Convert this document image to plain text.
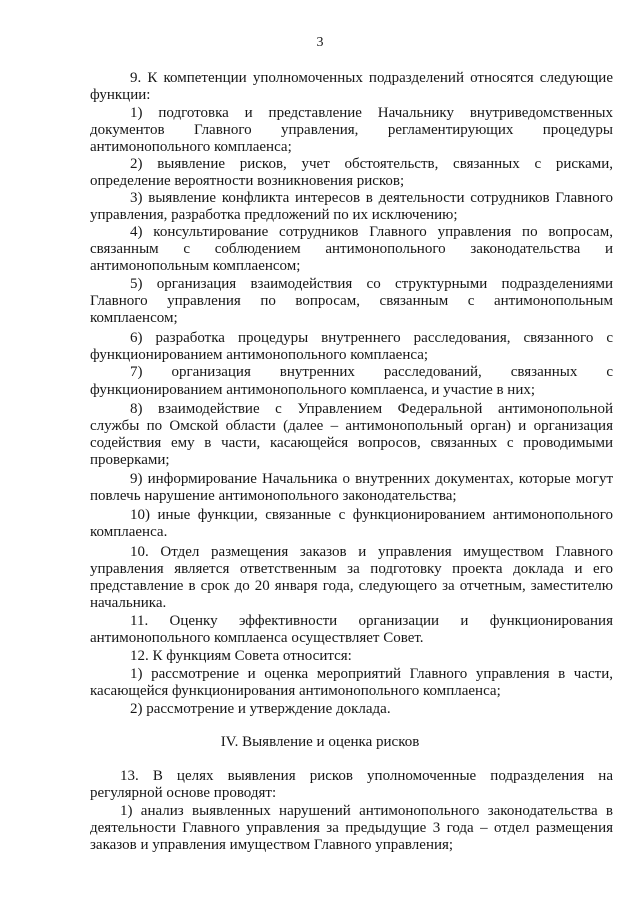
3
9. К компетенции уполномоченных подразделений относятся следующие
функции:
1) подготовка и представление Начальнику внутриведомственных
документов Главного управления, регламентирующих процедуры
антимонопольного комплаенса;
2) выявление рисков, учет обстоятельств, связанных с рисками,
определение вероятности возникновения рисков;
3) выявление конфликта интересов в деятельности сотрудников Главного
управления, разработка предложений по их исключению;
4) консультирование сотрудников Главного управления по вопросам,
связанным с соблюдением антимонопольного законодательства и
антимонопольным комплаенсом;
5) организация взаимодействия со структурными подразделениями
Главного управления по вопросам, связанным с антимонопольным
комплаенсом;
6) разработка процедуры внутреннего расследования, связанного с
функционированием антимонопольного комплаенса;
7) организация внутренних расследований, связанных с
функционированием антимонопольного комплаенса, и участие в них;
8) взаимодействие с Управлением Федеральной антимонопольной
службы по Омской области (далее – антимонопольный орган) и организация
содействия ему в части, касающейся вопросов, связанных с проводимыми
проверками;
9) информирование Начальника о внутренних документах, которые могут
повлечь нарушение антимонопольного законодательства;
10) иные функции, связанные с функционированием антимонопольного
комплаенса.
10. Отдел размещения заказов и управления имуществом Главного
управления является ответственным за подготовку проекта доклада и его
представление в срок до 20 января года, следующего за отчетным, заместителю
начальника.
11. Оценку эффективности организации и функционирования
антимонопольного комплаенса осуществляет Совет.
12. К функциям Совета относится:
1) рассмотрение и оценка мероприятий Главного управления в части,
касающейся функционирования антимонопольного комплаенса;
2) рассмотрение и утверждение доклада.
IV. Выявление и оценка рисков
13. В целях выявления рисков уполномоченные подразделения на
регулярной основе проводят:
1) анализ выявленных нарушений антимонопольного законодательства в
деятельности Главного управления за предыдущие 3 года – отдел размещения
заказов и управления имуществом Главного управления;
